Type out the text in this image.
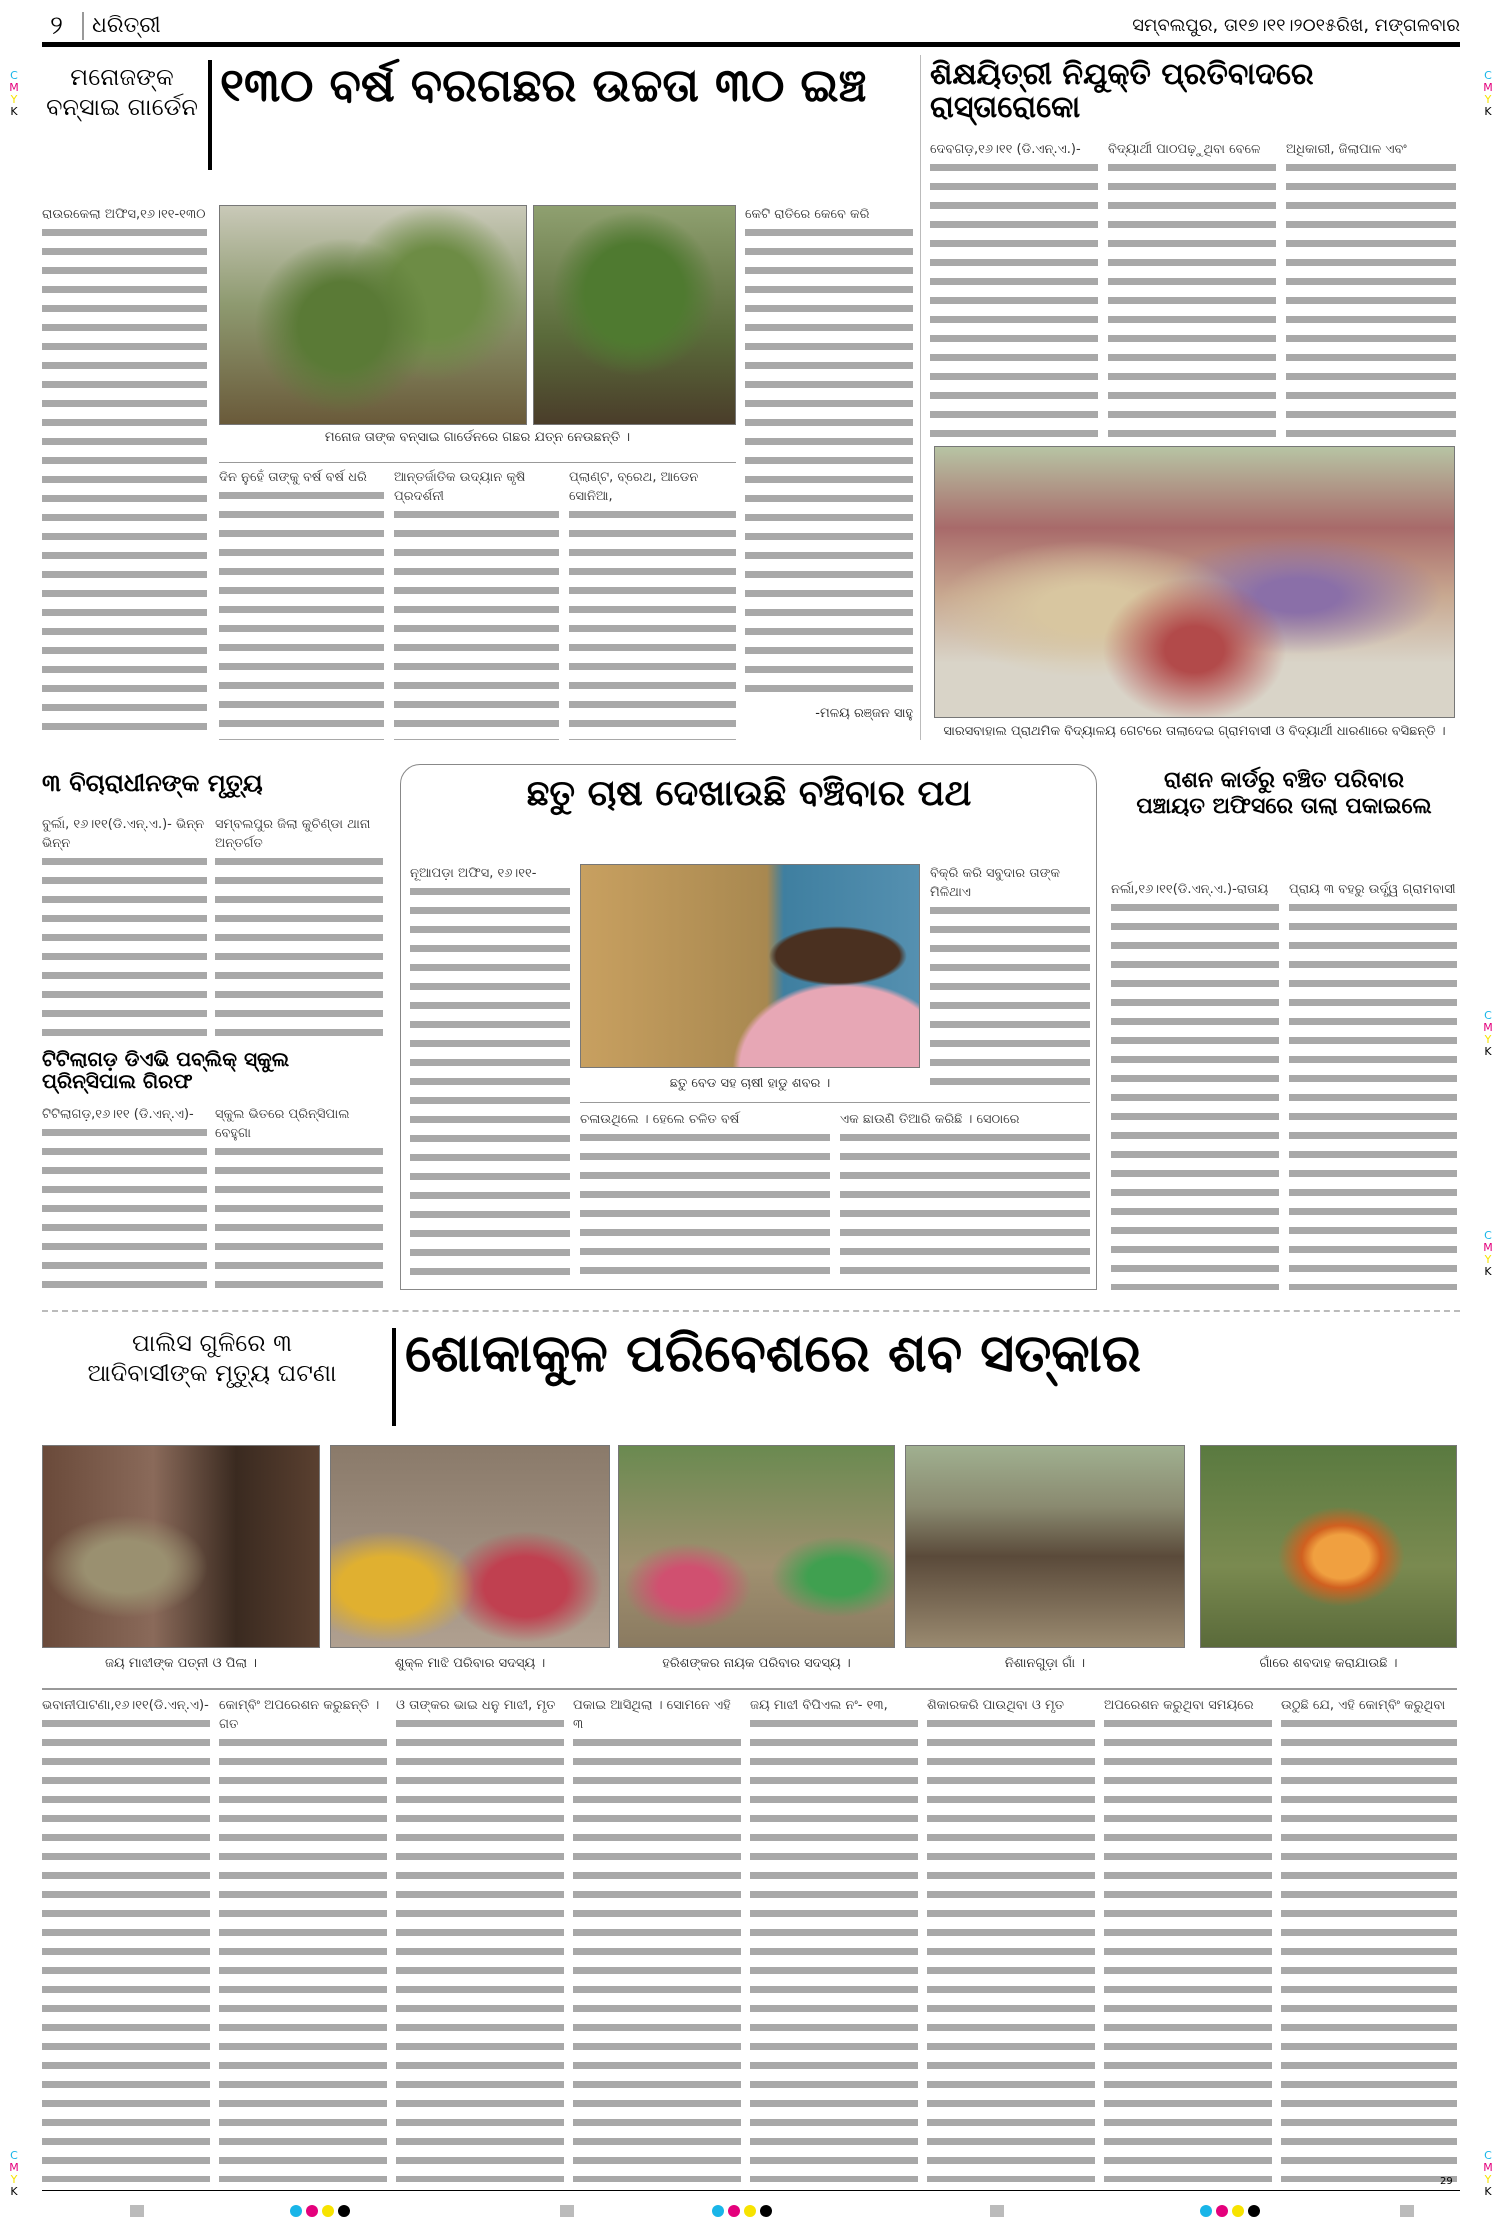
୨ ଧରିତ୍ରୀ	ସମ୍ବଲପୁର, ତା୧୭।୧୧।୨୦୧୫ରିଖ, ମଙ୍ଗଳବାର
ମନୋଜଙ୍କ
ବନ୍‌ସାଇ ଗାର୍ଡେନ ୧୩୦ ବର୍ଷ ବରଗଛର ଉଚ୍ଚତା ୩୦ ଇଞ୍ଚ
ରାଉରକେଲା ଅଫିସ,୧୬।୧୧-୧୩୦
ମନୋଜ ତାଙ୍କ ବନ୍‌ସାଇ ଗାର୍ଡେନରେ ଗଛର ଯତ୍ନ ନେଉଛନ୍ତି ।
ଦିନ ନୁହେଁ ତାଙ୍କୁ ବର୍ଷ ବର୍ଷ ଧରି	ଆନ୍ତର୍ଜାତିକ ଉଦ୍ୟାନ କୃଷି ପ୍ରଦର୍ଶନୀ
ପ୍ଲାଣ୍ଟ, ବ୍ରେଥ, ଆଡେନ ସୋନିଆ,
କେଟି ରାତିରେ କେବେ କରି
-ମଳୟ ରଞ୍ଜନ ସାହୁ
ଶିକ୍ଷୟିତ୍ରୀ ନିଯୁକ୍ତି ପ୍ରତିବାଦରେ ରାସ୍ତାରୋକୋ
ଦେବଗଡ଼,୧୬।୧୧ (ଡି.ଏନ୍.ଏ.)-	ବିଦ୍ୟାର୍ଥୀ ପାଠପଢ଼ୁଥିବା ବେଳେ	ଅଧିକାରୀ, ଜିଲାପାଳ ଏବଂ
ସାରସବାହାଲ ପ୍ରାଥମିକ ବିଦ୍ୟାଳୟ ଗେଟରେ ତାଲାଦେଇ ଗ୍ରାମବାସୀ ଓ ବିଦ୍ୟାର୍ଥୀ ଧାରଣାରେ ବସିଛନ୍ତି ।
୩ ବିଚାରାଧୀନଙ୍କ ମୃତ୍ୟୁ
ବୁର୍ଲା, ୧୬।୧୧(ଡି.ଏନ୍.ଏ.)- ଭିନ୍ନ ଭିନ୍ନ
ସମ୍ବଲପୁର ଜିଲା କୁଚିଣ୍ଡା ଥାନା ଅନ୍ତର୍ଗତ
ଟିଟିଲାଗଡ଼ ଡିଏଭି ପବ୍ଲିକ୍ ସ୍କୁଲ ପ୍ରିନ୍‌ସିପାଲ ଗିରଫ
ଟିଟିଲାଗଡ଼,୧୬।୧୧ (ଡି.ଏନ୍.ଏ)-	ସ୍କୁଲ ଭିତରେ ପ୍ରିନ୍‌ସିପାଲ ବେହୁଗା
ଛତୁ ଚାଷ ଦେଖାଉଛି ବଞ୍ଚିବାର ପଥ
ନୂଆପଡ଼ା ଅଫିସ, ୧୬।୧୧-
ଛତୁ ବେଡ ସହ ଚାଷୀ ହାଡୁ ଶବର ।
ବିକ୍ରି କରି ସବୁଦାର ତାଙ୍କ ମିଳିଥାଏ
ଚଳାଉଥିଲେ । ହେଲେ ଚଳିତ ବର୍ଷ	ଏକ ଛାଉଣି ତିଆରି କରିଛି । ସେଠାରେ
ରାଶନ କାର୍ଡରୁ ବଞ୍ଚିତ ପରିବାର
ପଞ୍ଚାୟତ ଅଫିସରେ ତାଲା ପକାଇଲେ
ନର୍ଲା,୧୬।୧୧(ଡି.ଏନ୍.ଏ.)-ରାତାୟ	ପ୍ରାୟ ୩ ବହରୁ ଉର୍ଦ୍ଧ୍ୱ ଗ୍ରାମବାସୀ
ପାଲିସ ଗୁଳିରେ ୩
ଆଦିବାସୀଙ୍କ ମୃତ୍ୟୁ ଘଟଣା	ଶୋକାକୁଳ ପରିବେଶରେ ଶବ ସତ୍କାର
ଜୟ ମାଝୀଙ୍କ ପତ୍ନୀ ଓ ପିଲା ।	ଶୁକ୍ଳ ମାଝି ପରିବାର ସଦସ୍ୟ ।	ହରିଶଙ୍କର ନାୟକ ପରିବାର ସଦସ୍ୟ ।	ନିଶାନଗୁଡ଼ା ଗାଁ ।	ଗାଁରେ ଶବଦାହ କରାଯାଉଛି ।
ଭବାନୀପାଟଣା,୧୬।୧୧(ଡି.ଏନ୍.ଏ)- କୋମ୍ବିଂ ଅପରେଶନ କରୁଛନ୍ତି । ଗତ
ଓ ତାଙ୍କର ଭାଇ ଧନୁ ମାଝୀ, ମୃତ	ପକାଇ ଆସିଥିଲା । ସୋମନେ ଏହି ୩
ଜୟ ମାଝୀ ବିପିଏଲ ନଂ- ୧୩,	ଶିକାରକରି ପାଉଥିବା ଓ ମୃତ	ଅପରେଶନ କରୁଥିବା ସମୟରେ	ଉଠୁଛି ଯେ, ଏହି କୋମ୍ବିଂ କରୁଥିବା
29
C
M
Y
K
C
M
Y
K
C
M
Y
K
C
M
Y
K
C
M
Y
K
C
M
Y
K
